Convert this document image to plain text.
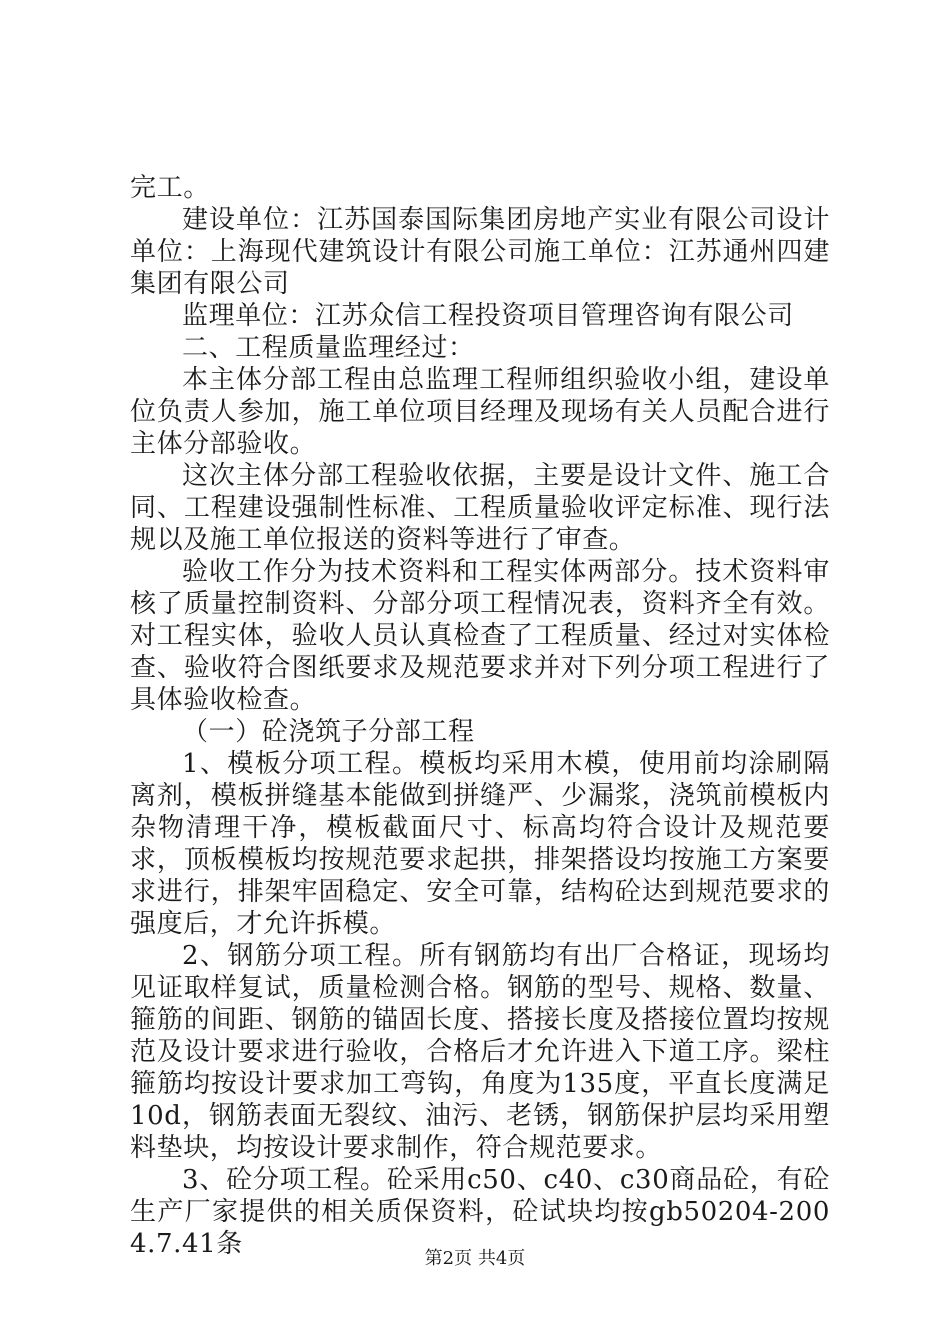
完工。

建设单位：江苏国泰国际集团房地产实业有限公司设计单位：上海现代建筑设计有限公司施工单位：江苏通州四建集团有限公司

监理单位：江苏众信工程投资项目管理咨询有限公司

二、工程质量监理经过：

本主体分部工程由总监理工程师组织验收小组，建设单位负责人参加，施工单位项目经理及现场有关人员配合进行主体分部验收。

这次主体分部工程验收依据，主要是设计文件、施工合同、工程建设强制性标准、工程质量验收评定标准、现行法规以及施工单位报送的资料等进行了审查。

验收工作分为技术资料和工程实体两部分。技术资料审核了质量控制资料、分部分项工程情况表，资料齐全有效。对工程实体，验收人员认真检查了工程质量、经过对实体检查、验收符合图纸要求及规范要求并对下列分项工程进行了具体验收检查。

（一）砼浇筑子分部工程

1、模板分项工程。模板均采用木模，使用前均涂刷隔离剂，模板拼缝基本能做到拼缝严、少漏浆，浇筑前模板内杂物清理干净，模板截面尺寸、标高均符合设计及规范要求，顶板模板均按规范要求起拱，排架搭设均按施工方案要求进行，排架牢固稳定、安全可靠，结构砼达到规范要求的强度后，才允许拆模。

2、钢筋分项工程。所有钢筋均有出厂合格证，现场均见证取样复试，质量检测合格。钢筋的型号、规格、数量、箍筋的间距、钢筋的锚固长度、搭接长度及搭接位置均按规范及设计要求进行验收，合格后才允许进入下道工序。梁柱箍筋均按设计要求加工弯钩，角度为135度，平直长度满足10d，钢筋表面无裂纹、油污、老锈，钢筋保护层均采用塑料垫块，均按设计要求制作，符合规范要求。

3、砼分项工程。砼采用c50、c40、c30商品砼，有砼生产厂家提供的相关质保资料，砼试块均按gb50204-2004.7.41条	第2页 共4页
